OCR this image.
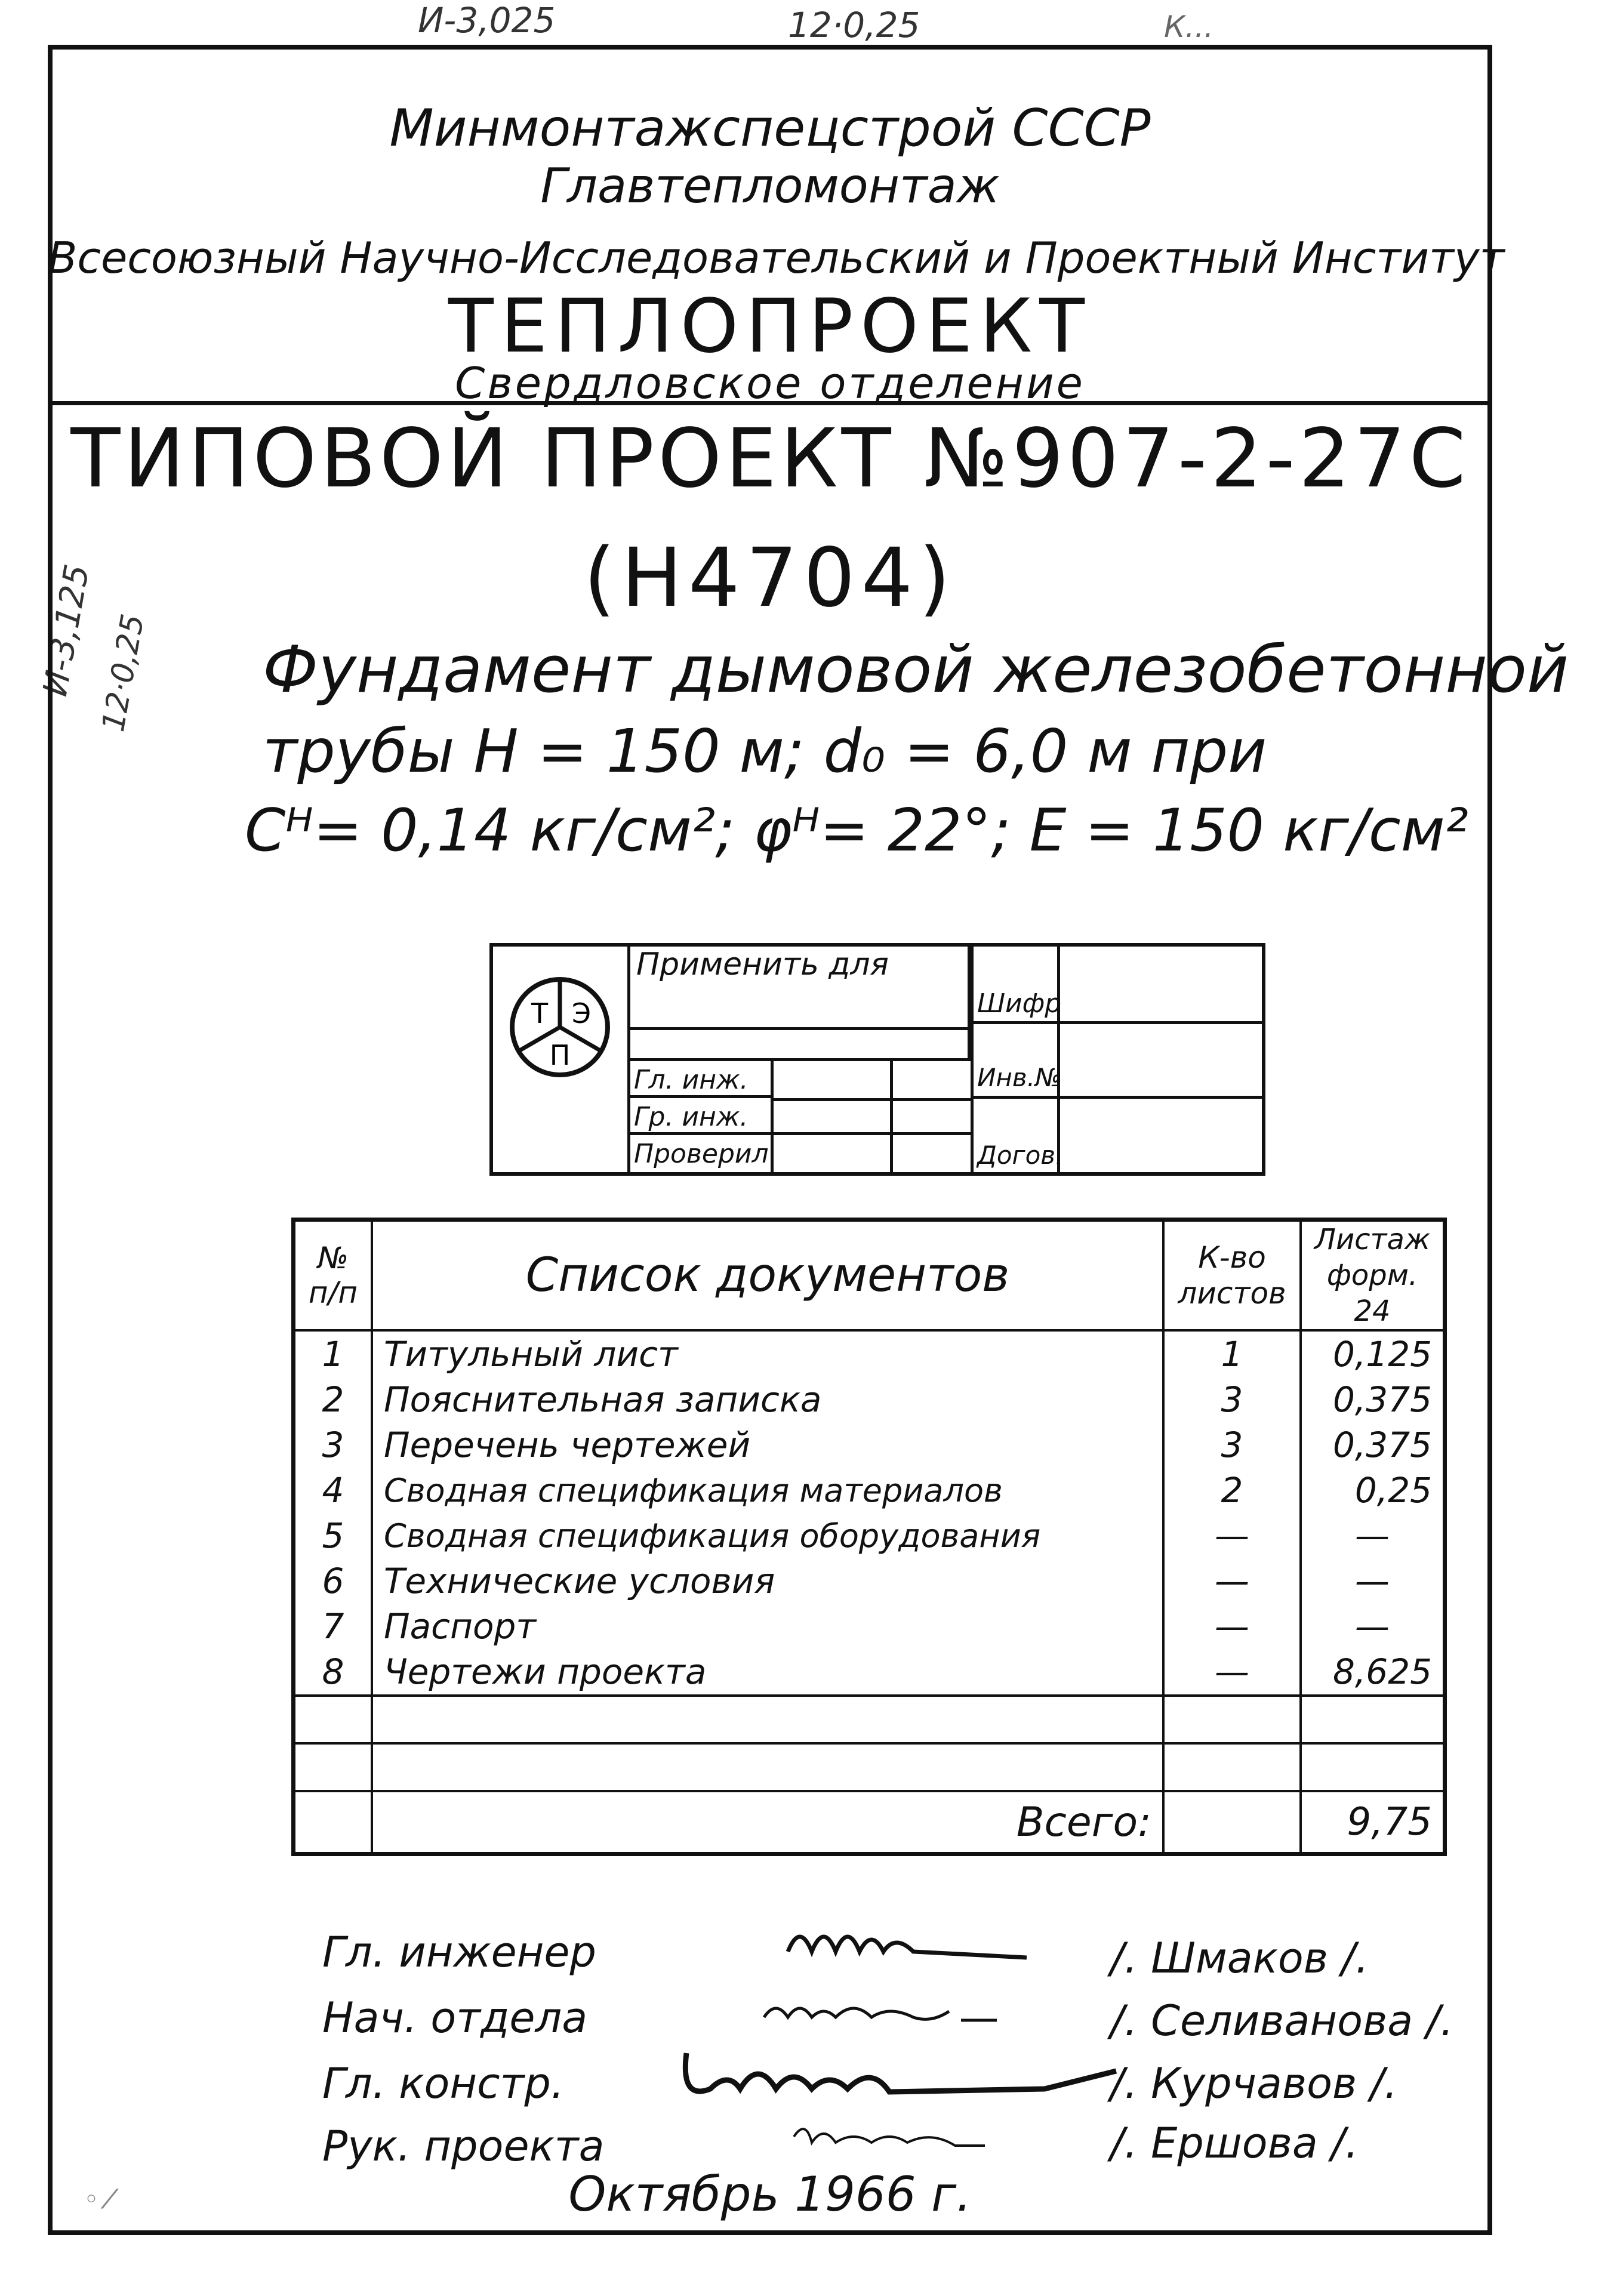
И-3,025	12·0,25	К...
И-3,125
12·0,25
◦ ⁄
Минмонтажспецстрой СССР
Главтепломонтаж
Всесоюзный Научно-Исследовательский и Проектный Институт
ТЕПЛОПРОЕКТ
Свердловское отделение
ТИПОВОЙ ПРОЕКТ №907-2-27С
(Н4704)
Фундамент дымовой железобетонной
трубы Н = 150 м; d₀ = 6,0 м при
Cᴴ= 0,14 кг/см²; φᴴ= 22°; Е = 150 кг/см²
Т Э
П
Применить для
Гл. инж.
Гр. инж.
Проверил
Шифр
Инв.№
Догов.
№ п/п	Список документов	К-во листов	Листаж форм. 24
1	Титульный лист	1	0,125
2	Пояснительная записка	3	0,375
3	Перечень чертежей	3	0,375
4	Сводная спецификация материалов	2	0,25
5	Сводная спецификация оборудования	—	—
6	Технические условия	—	—
7	Паспорт	—	—
8	Чертежи проекта	—	8,625

	Всего:		9,75
Гл. инженер
Нач. отдела
Гл. констр.
Рук. проекта
/. Шмаков /.
/. Селиванова /.
/. Курчавов /.
/. Ершова /.
Октябрь 1966 г.
